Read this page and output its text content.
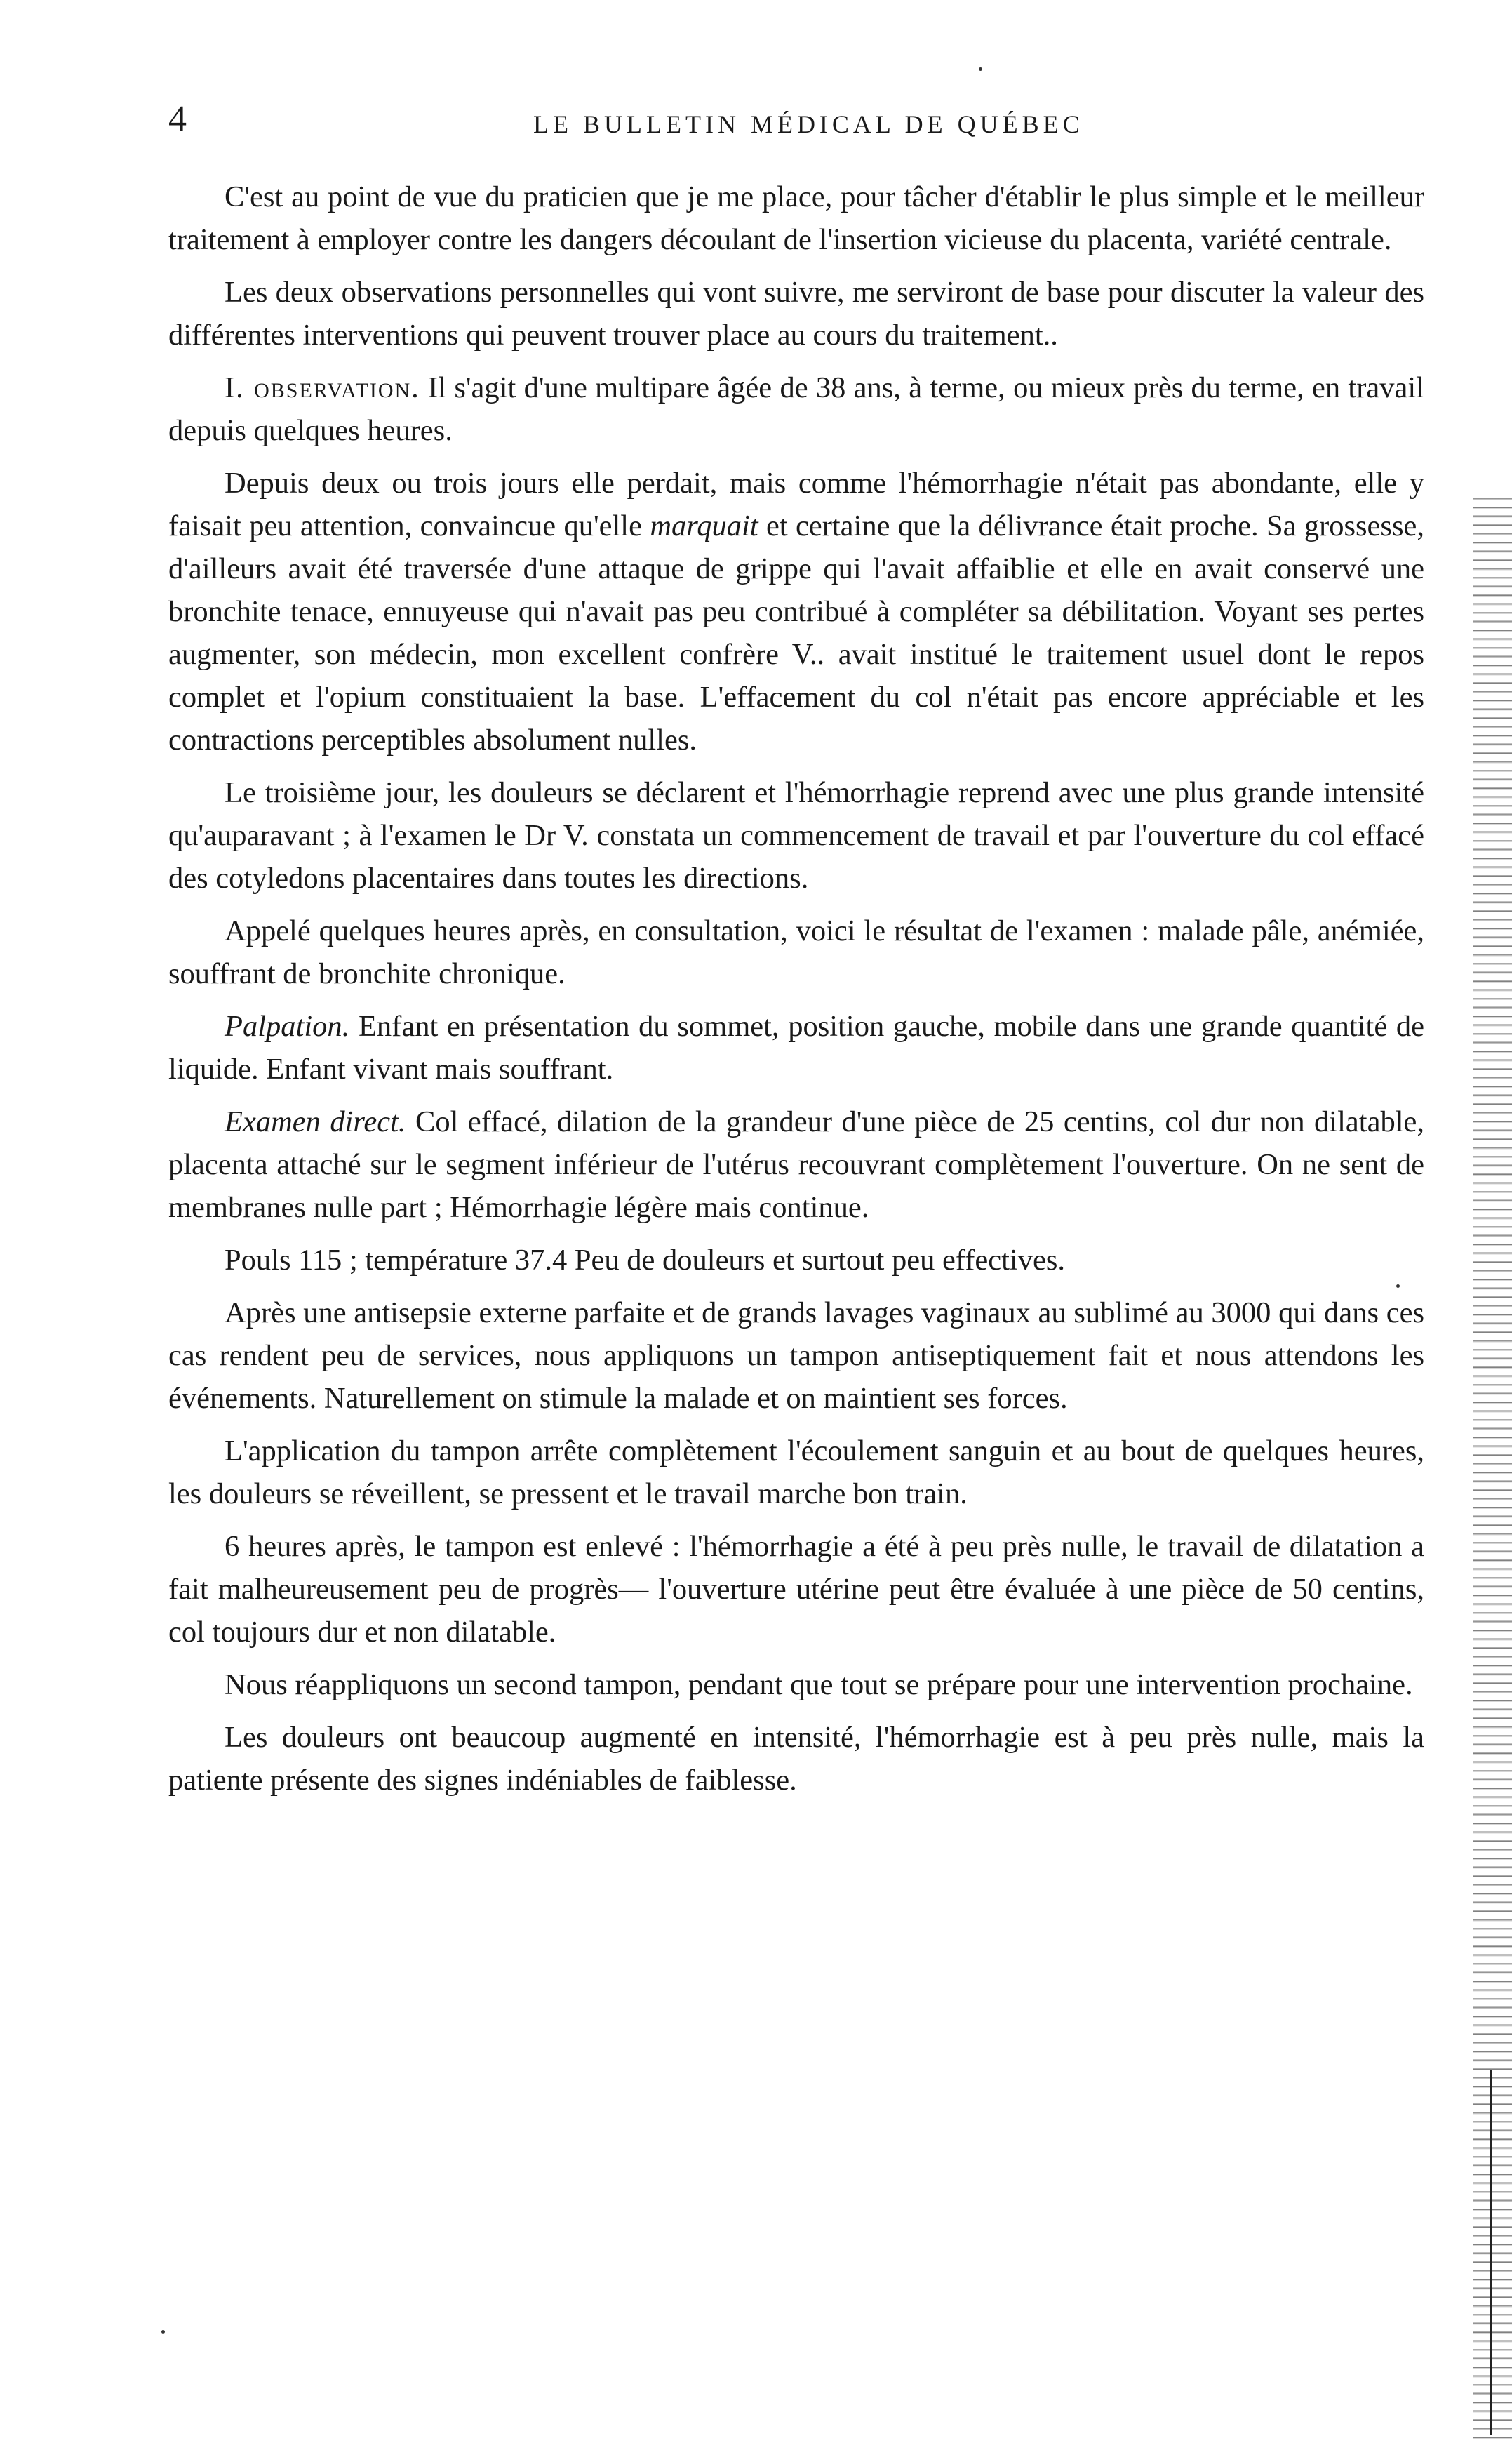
4	LE BULLETIN MÉDICAL DE QUÉBEC

C'est au point de vue du praticien que je me place, pour tâcher d'établir le plus simple et le meilleur traitement à employer contre les dangers découlant de l'insertion vicieuse du placenta, variété centrale.

Les deux observations personnelles qui vont suivre, me serviront de base pour discuter la valeur des différentes interventions qui peuvent trouver place au cours du traitement..

I. observation. Il s'agit d'une multipare âgée de 38 ans, à terme, ou mieux près du terme, en travail depuis quelques heures.

Depuis deux ou trois jours elle perdait, mais comme l'hémorrhagie n'était pas abondante, elle y faisait peu attention, convaincue qu'elle marquait et certaine que la délivrance était proche. Sa grossesse, d'ailleurs avait été traversée d'une attaque de grippe qui l'avait affaiblie et elle en avait conservé une bronchite tenace, ennuyeuse qui n'avait pas peu contribué à compléter sa débilitation. Voyant ses pertes augmenter, son médecin, mon excellent confrère V.. avait institué le traitement usuel dont le repos complet et l'opium constituaient la base. L'effacement du col n'était pas encore appréciable et les contractions perceptibles absolument nulles.

Le troisième jour, les douleurs se déclarent et l'hémorrhagie reprend avec une plus grande intensité qu'auparavant ; à l'examen le Dr V. constata un commencement de travail et par l'ouverture du col effacé des cotyledons placentaires dans toutes les directions.

Appelé quelques heures après, en consultation, voici le résultat de l'examen : malade pâle, anémiée, souffrant de bronchite chronique.

Palpation. Enfant en présentation du sommet, position gauche, mobile dans une grande quantité de liquide. Enfant vivant mais souffrant.

Examen direct. Col effacé, dilation de la grandeur d'une pièce de 25 centins, col dur non dilatable, placenta attaché sur le segment inférieur de l'utérus recouvrant complètement l'ouverture. On ne sent de membranes nulle part ; Hémorrhagie légère mais continue.

Pouls 115 ; température 37.4 Peu de douleurs et surtout peu effectives.

Après une antisepsie externe parfaite et de grands lavages vaginaux au sublimé au 3000 qui dans ces cas rendent peu de services, nous appliquons un tampon antiseptiquement fait et nous attendons les événements. Naturellement on stimule la malade et on maintient ses forces.

L'application du tampon arrête complètement l'écoulement sanguin et au bout de quelques heures, les douleurs se réveillent, se pressent et le travail marche bon train.

6 heures après, le tampon est enlevé : l'hémorrhagie a été à peu près nulle, le travail de dilatation a fait malheureusement peu de progrès— l'ouverture utérine peut être évaluée à une pièce de 50 centins, col toujours dur et non dilatable.

Nous réappliquons un second tampon, pendant que tout se prépare pour une intervention prochaine.

Les douleurs ont beaucoup augmenté en intensité, l'hémorrhagie est à peu près nulle, mais la patiente présente des signes indéniables de faiblesse.
